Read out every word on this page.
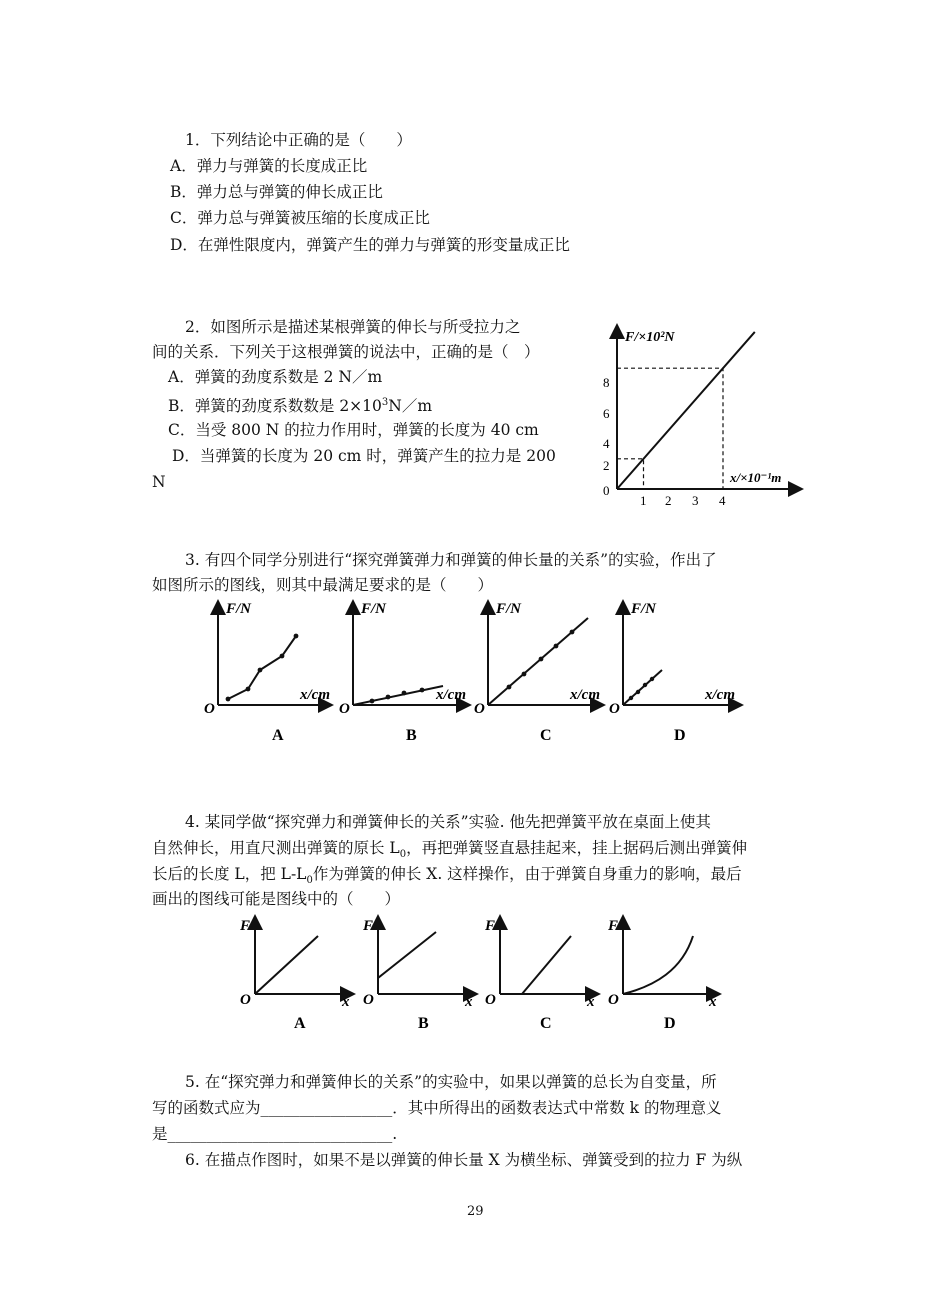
1．下列结论中正确的是（　　）
A．弹力与弹簧的长度成正比
B．弹力总与弹簧的伸长成正比
C．弹力总与弹簧被压缩的长度成正比
D．在弹性限度内，弹簧产生的弹力与弹簧的形变量成正比
2．如图所示是描述某根弹簧的伸长与所受拉力之
间的关系．下列关于这根弹簧的说法中，正确的是（　）
A．弹簧的劲度系数是 2 N／m
B．弹簧的劲度系数数是 $2\times 10^3N/m$
C．当受 800 N 的拉力作用时，弹簧的长度为 40 cm
D．当弹簧的长度为 20 cm 时，弹簧产生的拉力是 200
N
F/×10²N
x/×10⁻¹m
8
6
4
2
0
1 2 3 4
3. 有四个同学分别进行“探究弹簧弹力和弹簧的伸长量的关系”的实验，作出了
如图所示的图线，则其中最满足要求的是（　　）
F/N
x/cm
O
A
F/N
x/cm
O
B
F/N
x/cm
O
C
F/N
x/cm
O
D
4. 某同学做“探究弹力和弹簧伸长的关系”实验. 他先把弹簧平放在桌面上使其
自然伸长，用直尺测出弹簧的原长 $L_0$，再把弹簧竖直悬挂起来，挂上据码后测出弹簧伸
长后的长度 L，把 $L-L_0$作为弹簧的伸长 X. 这样操作，由于弹簧自身重力的影响，最后
画出的图线可能是图线中的（　　）
F
x
O
A
F
x
O
B
F
x
O
C
F
x
O
D
5. 在“探究弹力和弹簧伸长的关系”的实验中，如果以弹簧的总长为自变量，所
写的函数式应为_________________．其中所得出的函数表达式中常数 k 的物理意义
是_____________________________.
6. 在描点作图时，如果不是以弹簧的伸长量 X 为横坐标、弹簧受到的拉力 F 为纵
29
